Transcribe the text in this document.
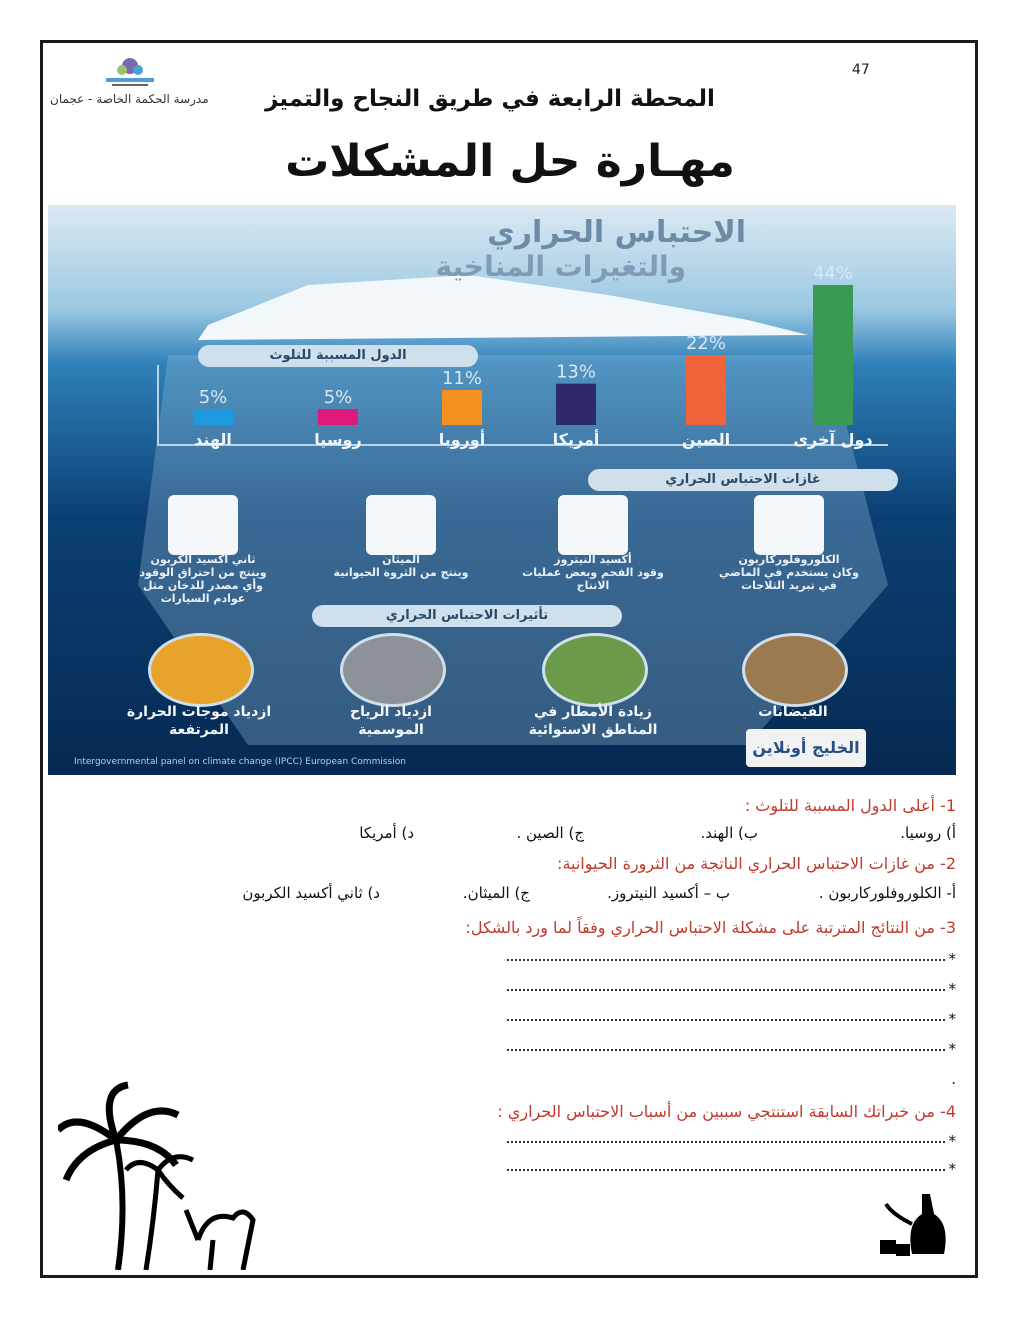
47
مدرسة الحكمة الخاصة - عجمان	المحطة الرابعة في طريق النجاح والتميز
مهـارة حل المشكلات
الاحتباس الحراري
والتغيرات المناخية
الدول المسببة للتلوث
5%
الهند
5%
روسيا
11%
أوروبا
13%
أمريكا
22%
الصين
44%
دول آخرى
غازات الاحتباس الحراري
ثاني أكسيد الكربون
وينتج من احتراق الوقود وأي مصدر للدخان مثل عوادم السيارات
الميثان
وينتج من الثروة الحيوانية
أكسيد النيتروز
وقود الفحم وبعض عمليات الانتاج
الكلوروفلوركاربون
وكان يستخدم في الماضي في تبريد الثلاجات
تأثيرات الاحتباس الحراري
ازدياد موجات الحرارة المرتفعة
ازدياد الرياح الموسمية
زيادة الأمطار في المناطق الاستوائية
الفيضانات
الخليج أونلاين
Intergovernmental panel on climate change (IPCC) European Commission
1- أعلى الدول المسببة للتلوث :
أ) روسيا.
ب) الهند.
ج) الصين .
د) أمريكا
2- من غازات الاحتباس الحراري الناتجة من الثرورة الحيوانية:
أ- الكلوروفلوركاربون .
ب – أكسيد النيتروز.
ج) الميثان.
د) ثاني أكسيد الكربون
3- من النتائج المترتبة على مشكلة الاحتباس الحراري وفقاً لما ورد بالشكل:
*
*
*
*
.
4- من خبراتك السابقة استنتجي سببين من أسباب الاحتباس الحراري :
*
*
